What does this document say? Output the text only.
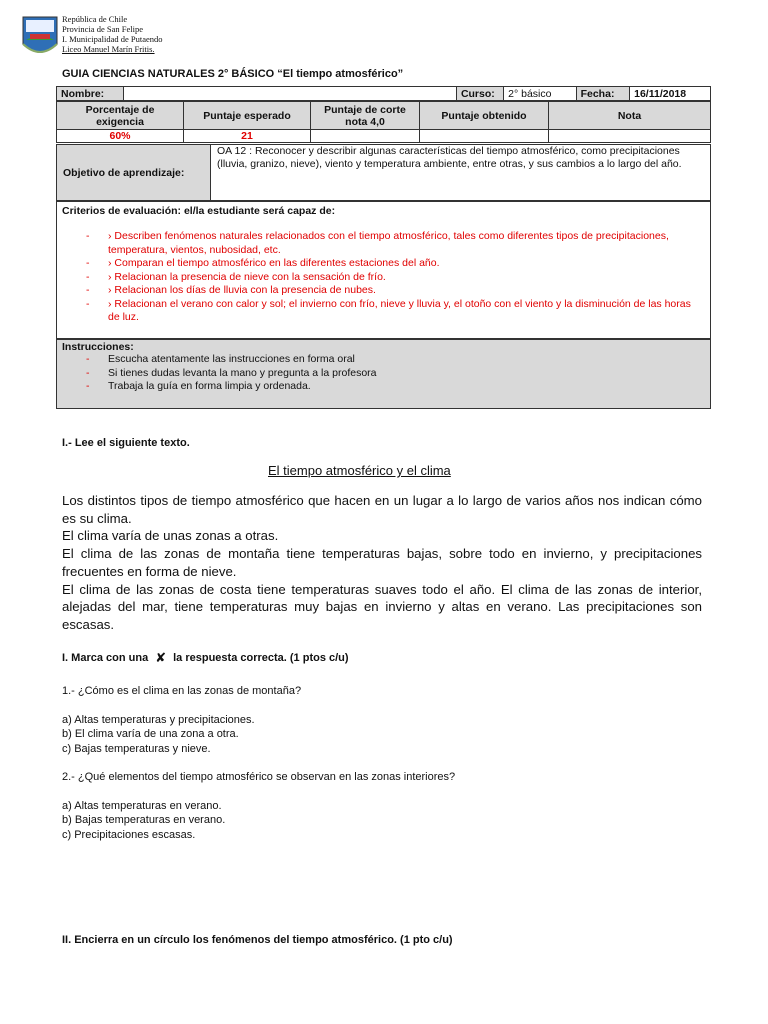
República de Chile
Provincia de San Felipe
I. Municipalidad de Putaendo
Liceo Manuel Marín Fritis.
GUIA CIENCIAS NATURALES 2° BÁSICO “El tiempo atmosférico”
Nombre:		Curso:	2° básico	Fecha:	16/11/2018
Porcentaje de exigencia	Puntaje esperado	Puntaje de corte nota 4,0	Puntaje obtenido	Nota
60%	21			
Objetivo de aprendizaje:
OA 12 : Reconocer y describir algunas características del tiempo atmosférico, como precipitaciones (lluvia, granizo, nieve), viento y temperatura ambiente, entre otras, y sus cambios a lo largo del año.
Criterios de evaluación: el/la estudiante será capaz de:
- › Describen fenómenos naturales relacionados con el tiempo atmosférico, tales como diferentes tipos de precipitaciones, temperatura, vientos, nubosidad, etc.
- › Comparan el tiempo atmosférico en las diferentes estaciones del año.
- › Relacionan la presencia de nieve con la sensación de frío.
- › Relacionan los días de lluvia con la presencia de nubes.
- › Relacionan el verano con calor y sol; el invierno con frío, nieve y lluvia y, el otoño con el viento y la disminución de las horas de luz.
Instrucciones:
- Escucha atentamente las instrucciones en forma oral
- Si tienes dudas levanta la mano y pregunta a la profesora
- Trabaja la guía en forma limpia y ordenada.
I.- Lee el siguiente texto.
El tiempo atmosférico y el clima

Los distintos tipos de tiempo atmosférico que hacen en un lugar a lo largo de varios años nos indican cómo es su clima.

El clima varía de unas zonas a otras.

El clima de las zonas de montaña tiene temperaturas bajas, sobre todo en invierno, y precipitaciones frecuentes en forma de nieve.

El clima de las zonas de costa tiene temperaturas suaves todo el año. El clima de las zonas de interior, alejadas del mar, tiene temperaturas muy bajas en invierno y altas en verano. Las precipitaciones son escasas.

I. Marca con una ✘ la respuesta correcta. (1 ptos c/u)

1.- ¿Cómo es el clima en las zonas de montaña?

a) Altas temperaturas y precipitaciones.

b) El clima varía de una zona a otra.

c) Bajas temperaturas y nieve.

2.- ¿Qué elementos del tiempo atmosférico se observan en las zonas interiores?

a) Altas temperaturas en verano.

b) Bajas temperaturas en verano.

c) Precipitaciones escasas.

II. Encierra en un círculo los fenómenos del tiempo atmosférico. (1 pto c/u)
